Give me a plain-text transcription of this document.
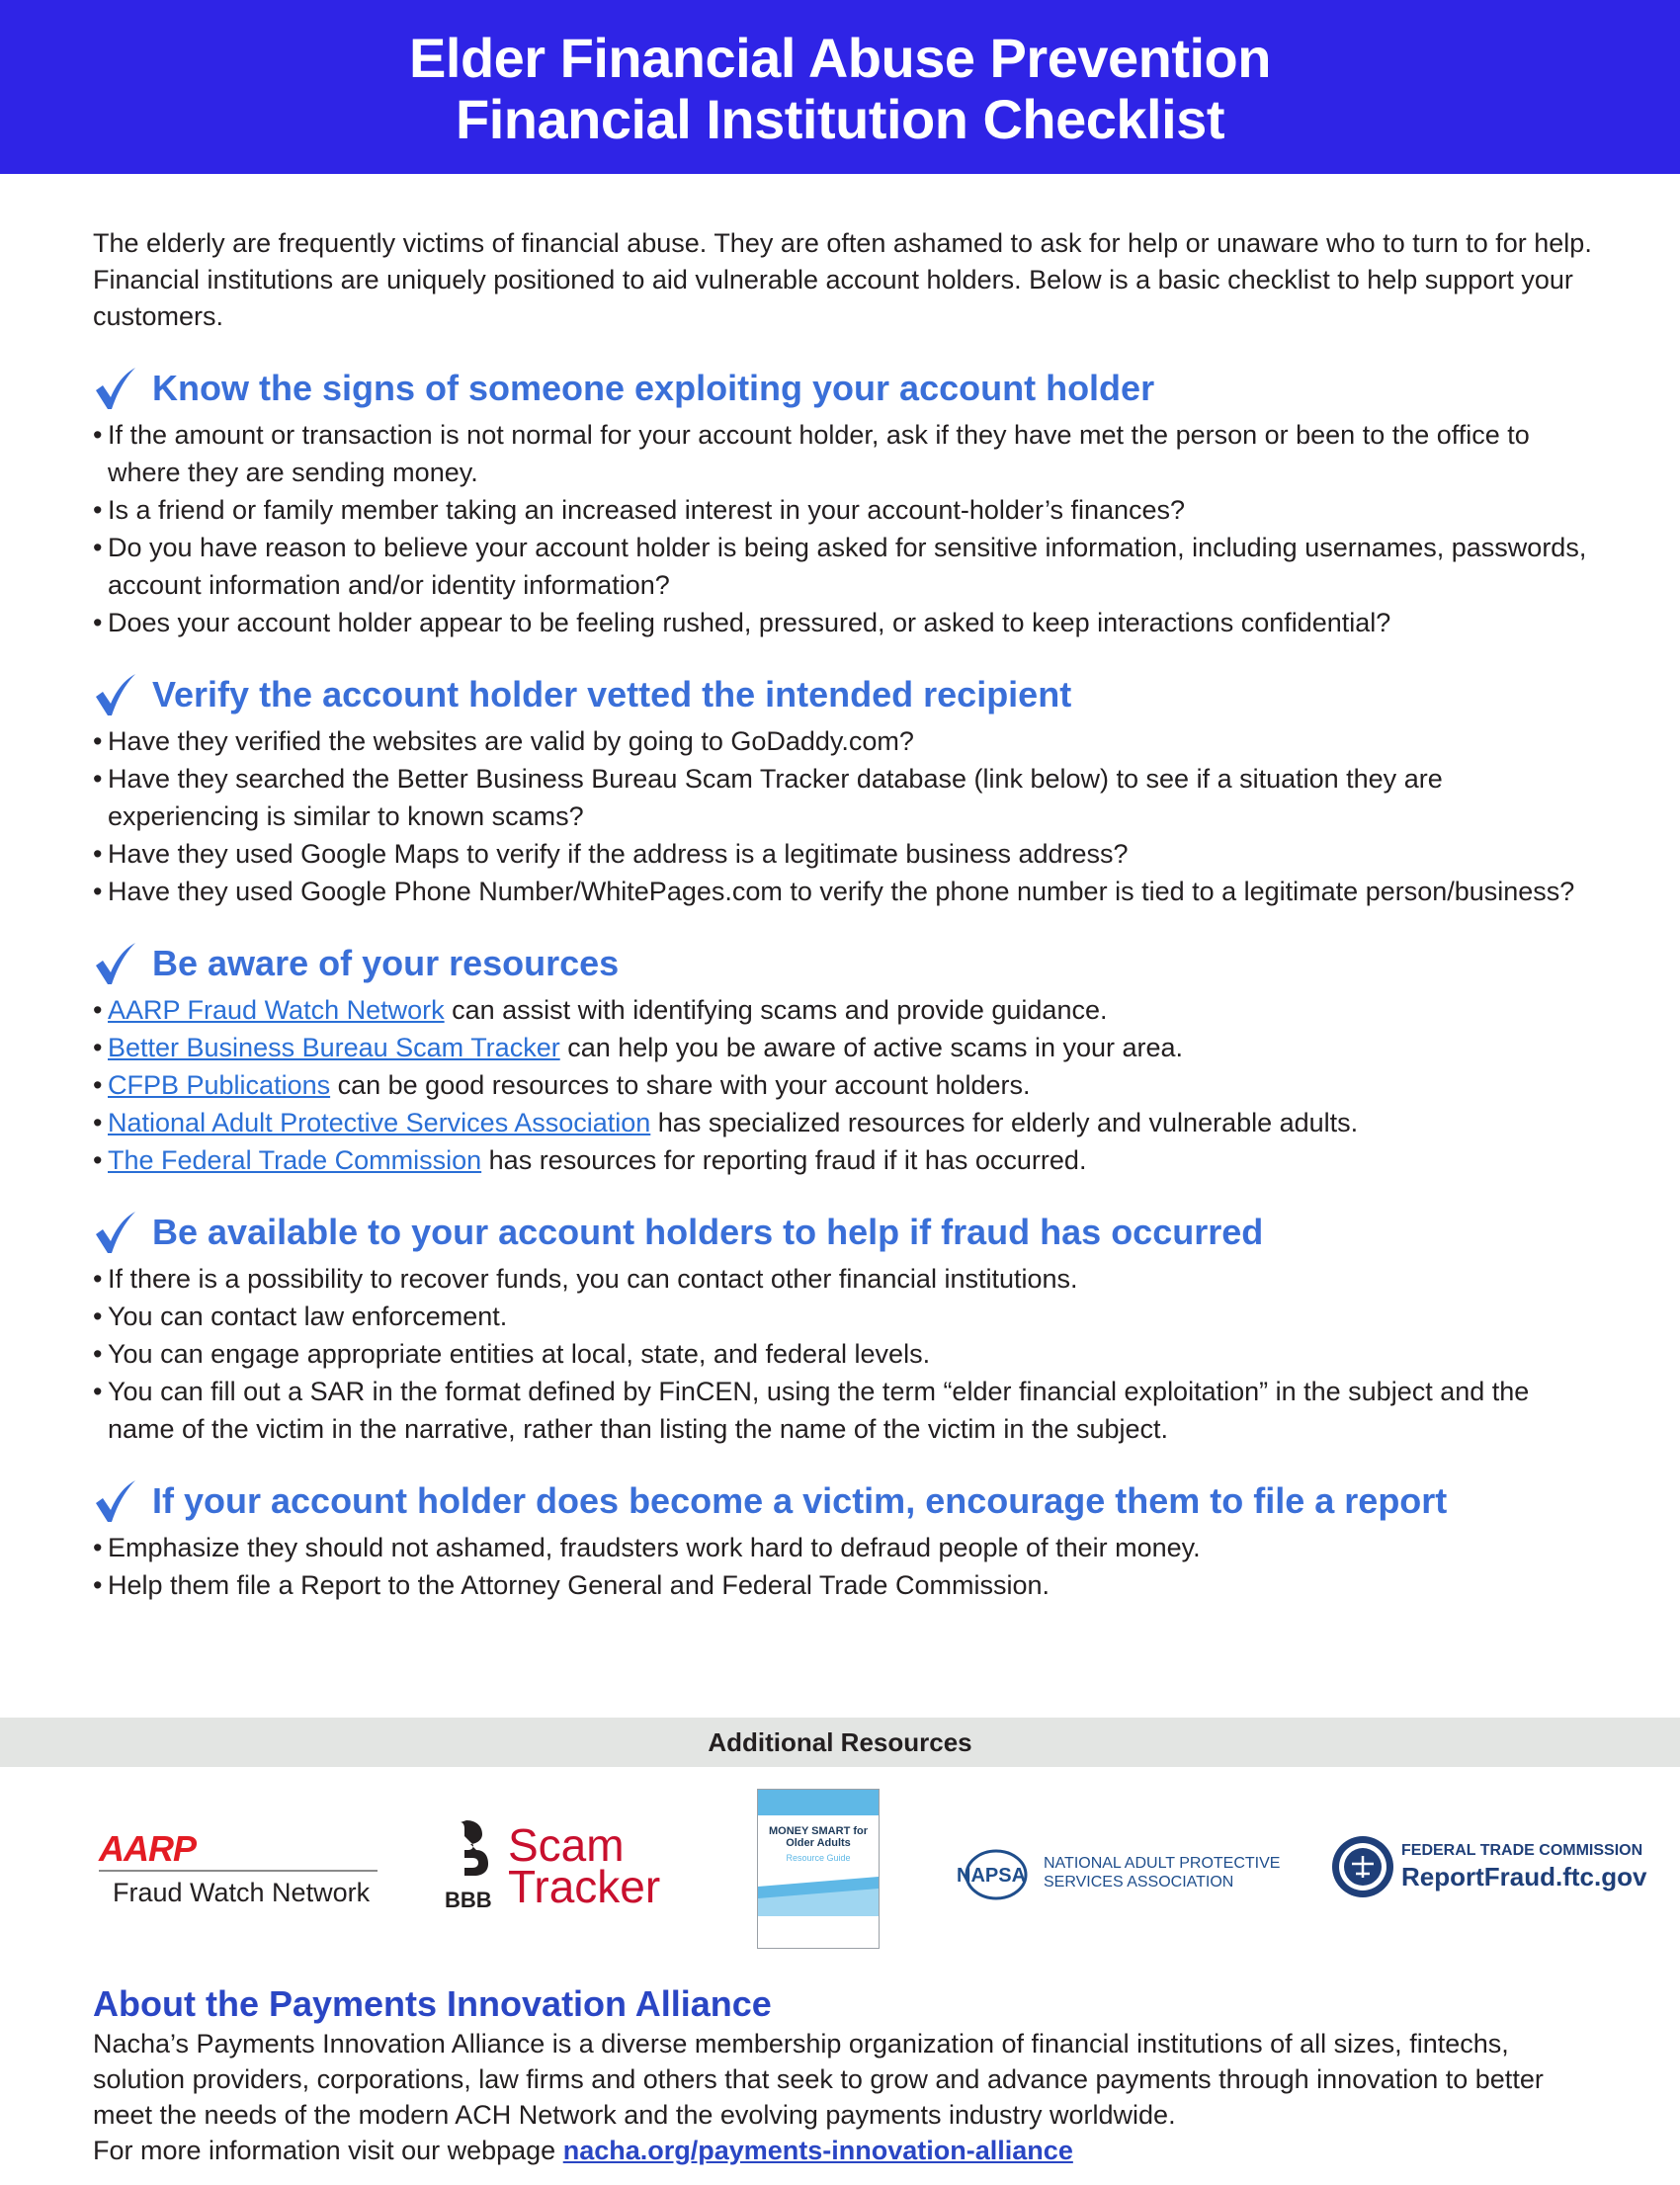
Elder Financial Abuse Prevention
Financial Institution Checklist

The elderly are frequently victims of financial abuse. They are often ashamed to ask for help or unaware who to turn to for help. Financial institutions are uniquely positioned to aid vulnerable account holders. Below is a basic checklist to help support your customers.

Know the signs of someone exploiting your account holder
• If the amount or transaction is not normal for your account holder, ask if they have met the person or been to the office to where they are sending money.
• Is a friend or family member taking an increased interest in your account-holder’s finances?
• Do you have reason to believe your account holder is being asked for sensitive information, including usernames, passwords, account information and/or identity information?
• Does your account holder appear to be feeling rushed, pressured, or asked to keep interactions confidential?
Verify the account holder vetted the intended recipient
• Have they verified the websites are valid by going to GoDaddy.com?
• Have they searched the Better Business Bureau Scam Tracker database (link below) to see if a situation they are experiencing is similar to known scams?
• Have they used Google Maps to verify if the address is a legitimate business address?
• Have they used Google Phone Number/WhitePages.com to verify the phone number is tied to a legitimate person/business?
Be aware of your resources
• AARP Fraud Watch Network can assist with identifying scams and provide guidance.
• Better Business Bureau Scam Tracker can help you be aware of active scams in your area.
• CFPB Publications can be good resources to share with your account holders.
• National Adult Protective Services Association has specialized resources for elderly and vulnerable adults.
• The Federal Trade Commission has resources for reporting fraud if it has occurred.
Be available to your account holders to help if fraud has occurred
• If there is a possibility to recover funds, you can contact other financial institutions.
• You can contact law enforcement.
• You can engage appropriate entities at local, state, and federal levels.
• You can fill out a SAR in the format defined by FinCEN, using the term “elder financial exploitation” in the subject and the name of the victim in the narrative, rather than listing the name of the victim in the subject.
If your account holder does become a victim, encourage them to file a report
• Emphasize they should not ashamed, fraudsters work hard to defraud people of their money.
• Help them file a Report to the Attorney General and Federal Trade Commission.
Additional Resources
AARP
Fraud Watch Network	BBB
Scam
Tracker
MONEY SMART for Older Adults
Resource Guide
NAPSA
NATIONAL ADULT PROTECTIVE
SERVICES ASSOCIATION
FEDERAL TRADE COMMISSION
ReportFraud.ftc.gov
About the Payments Innovation Alliance

Nacha’s Payments Innovation Alliance is a diverse membership organization of financial institutions of all sizes, fintechs, solution providers, corporations, law firms and others that seek to grow and advance payments through innovation to better meet the needs of the modern ACH Network and the evolving payments industry worldwide.

For more information visit our webpage nacha.org/payments-innovation-alliance
